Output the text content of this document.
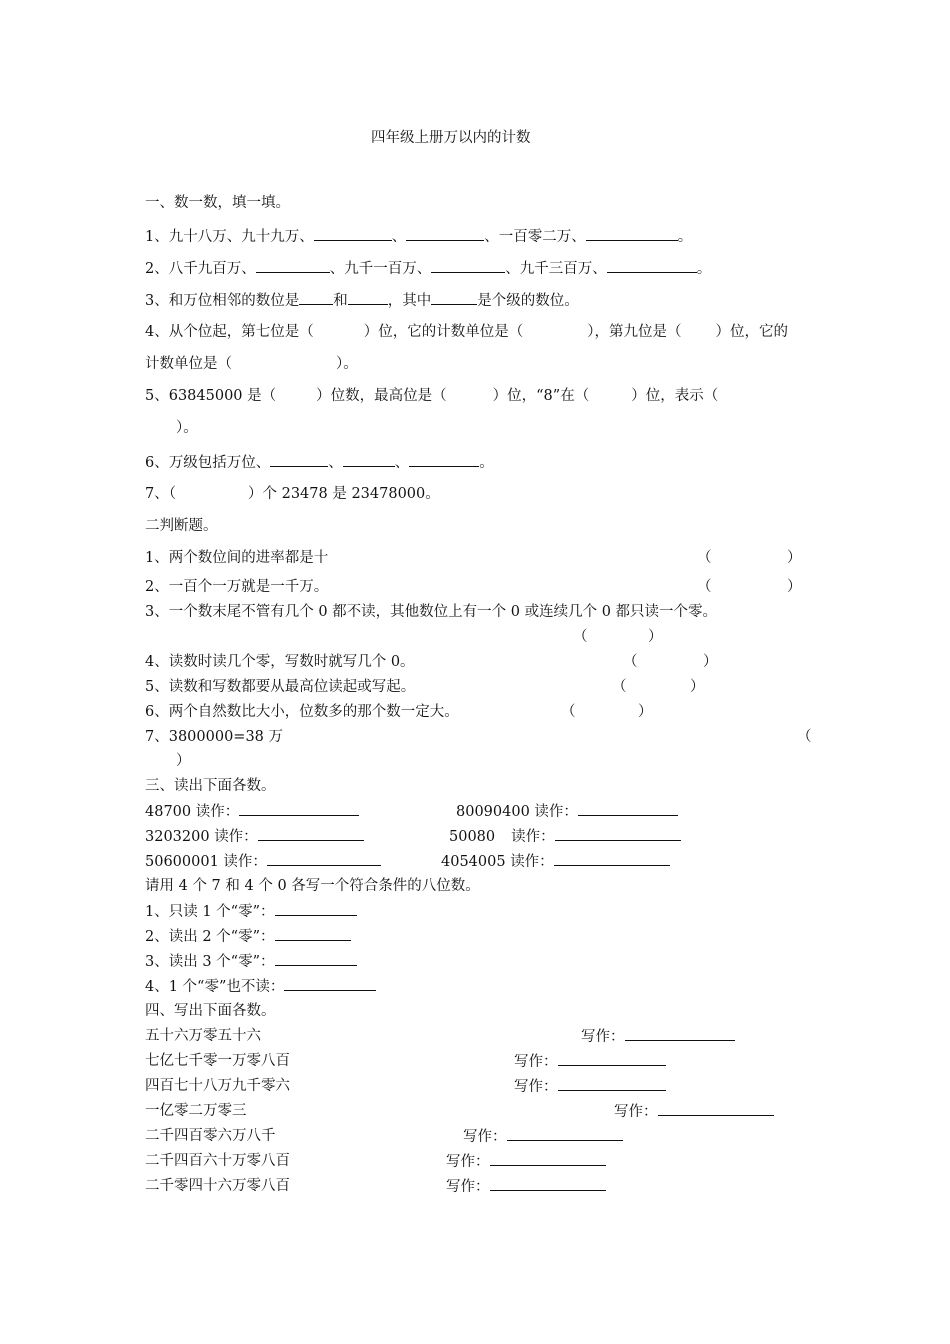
四年级上册万以内的计数
一、数一数，填一填。
1、九十八万、九十九万、	、	、一百零二万、	。
2、八千九百万、	、九千一百万、	、九千三百万、	。
3、和万位相邻的数位是 和	，其中	是个级的数位。
4、从个位起，第七位是（	）位，它的计数单位是（	），第九位是（ ）位，它的
计数单位是（	）。
5、63845000 是（	）位数，最高位是（	）位，“8”在（	）位，表示（
）。
6、万级包括万位、	、	、	。
7、（	）个 23478 是 23478000。
二判断题。
1、两个数位间的进率都是十	（	）
2、一百个一万就是一千万。	（	）
3、一个数末尾不管有几个 0 都不读，其他数位上有一个 0 或连续几个 0 都只读一个零。
（	）
4、读数时读几个零，写数时就写几个 0。	（	）
5、读数和写数都要从最高位读起或写起。	（	）
6、两个自然数比大小，位数多的那个数一定大。	（	）
7、3800000=38 万	（
）
三、读出下面各数。
48700 读作：	80090400 读作：
3203200 读作：	50080 读作：
50600001 读作：	4054005 读作：
请用 4 个 7 和 4 个 0 各写一个符合条件的八位数。
1、只读 1 个“零”：
2、读出 2 个“零”：
3、读出 3 个“零”：
4、1 个“零”也不读：
四、写出下面各数。
五十六万零五十六	写作：
七亿七千零一万零八百	写作：
四百七十八万九千零六	写作：
一亿零二万零三	写作：
二千四百零六万八千	写作：
二千四百六十万零八百	写作：
二千零四十六万零八百	写作：
